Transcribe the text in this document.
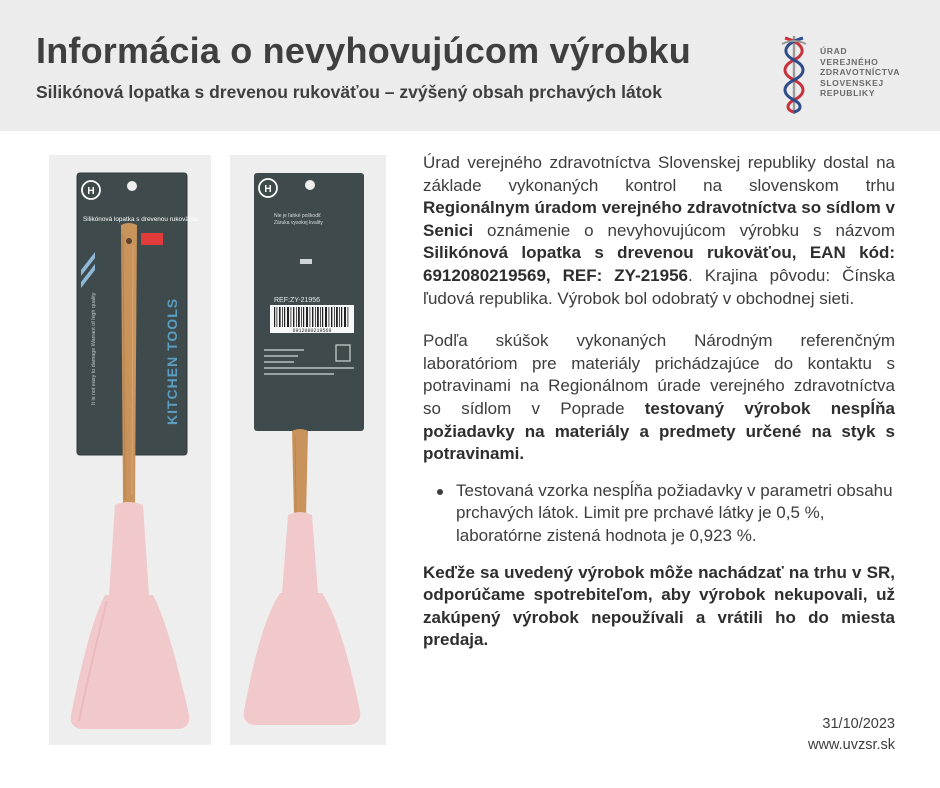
Informácia o nevyhovujúcom výrobku
Silikónová lopatka s drevenou rukoväťou – zvýšený obsah prchavých látok
ÚRAD
VEREJNÉHO
ZDRAVOTNÍCTVA
SLOVENSKEJ
REPUBLIKY
H
Silikónová lopatka s drevenou rukoväťou
KITCHEN TOOLS
It is not easy to damage Warrant of high quality
H
Nie je ľahké poškodiť
Záruka vysokej kvality
REF:ZY-21956
6912080219569

Úrad verejného zdravotníctva Slovenskej republiky dostal na základe vykonaných kontrol na slovenskom trhu Regionálnym úradom verejného zdravotníctva so sídlom v Senici oznámenie o nevyhovujúcom výrobku s názvom Silikónová lopatka s drevenou rukoväťou, EAN kód: 6912080219569, REF: ZY-21956. Krajina pôvodu: Čínska ľudová republika. Výrobok bol odobratý v obchodnej sieti.

Podľa skúšok vykonaných Národným referenčným laboratóriom pre materiály prichádzajúce do kontaktu s potravinami na Regionálnom úrade verejného zdravotníctva so sídlom v Poprade testovaný výrobok nespĺňa požiadavky na materiály a predmety určené na styk s potravinami.

Testovaná vzorka nespĺňa požiadavky v parametri obsahu prchavých látok. Limit pre prchavé látky je 0,5 %, laboratórne zistená hodnota je 0,923 %.

Keďže sa uvedený výrobok môže nachádzať na trhu v SR, odporúčame spotrebiteľom, aby výrobok nekupovali, už zakúpený výrobok nepoužívali a vrátili ho do miesta predaja.

31/10/2023
www.uvzsr.sk
